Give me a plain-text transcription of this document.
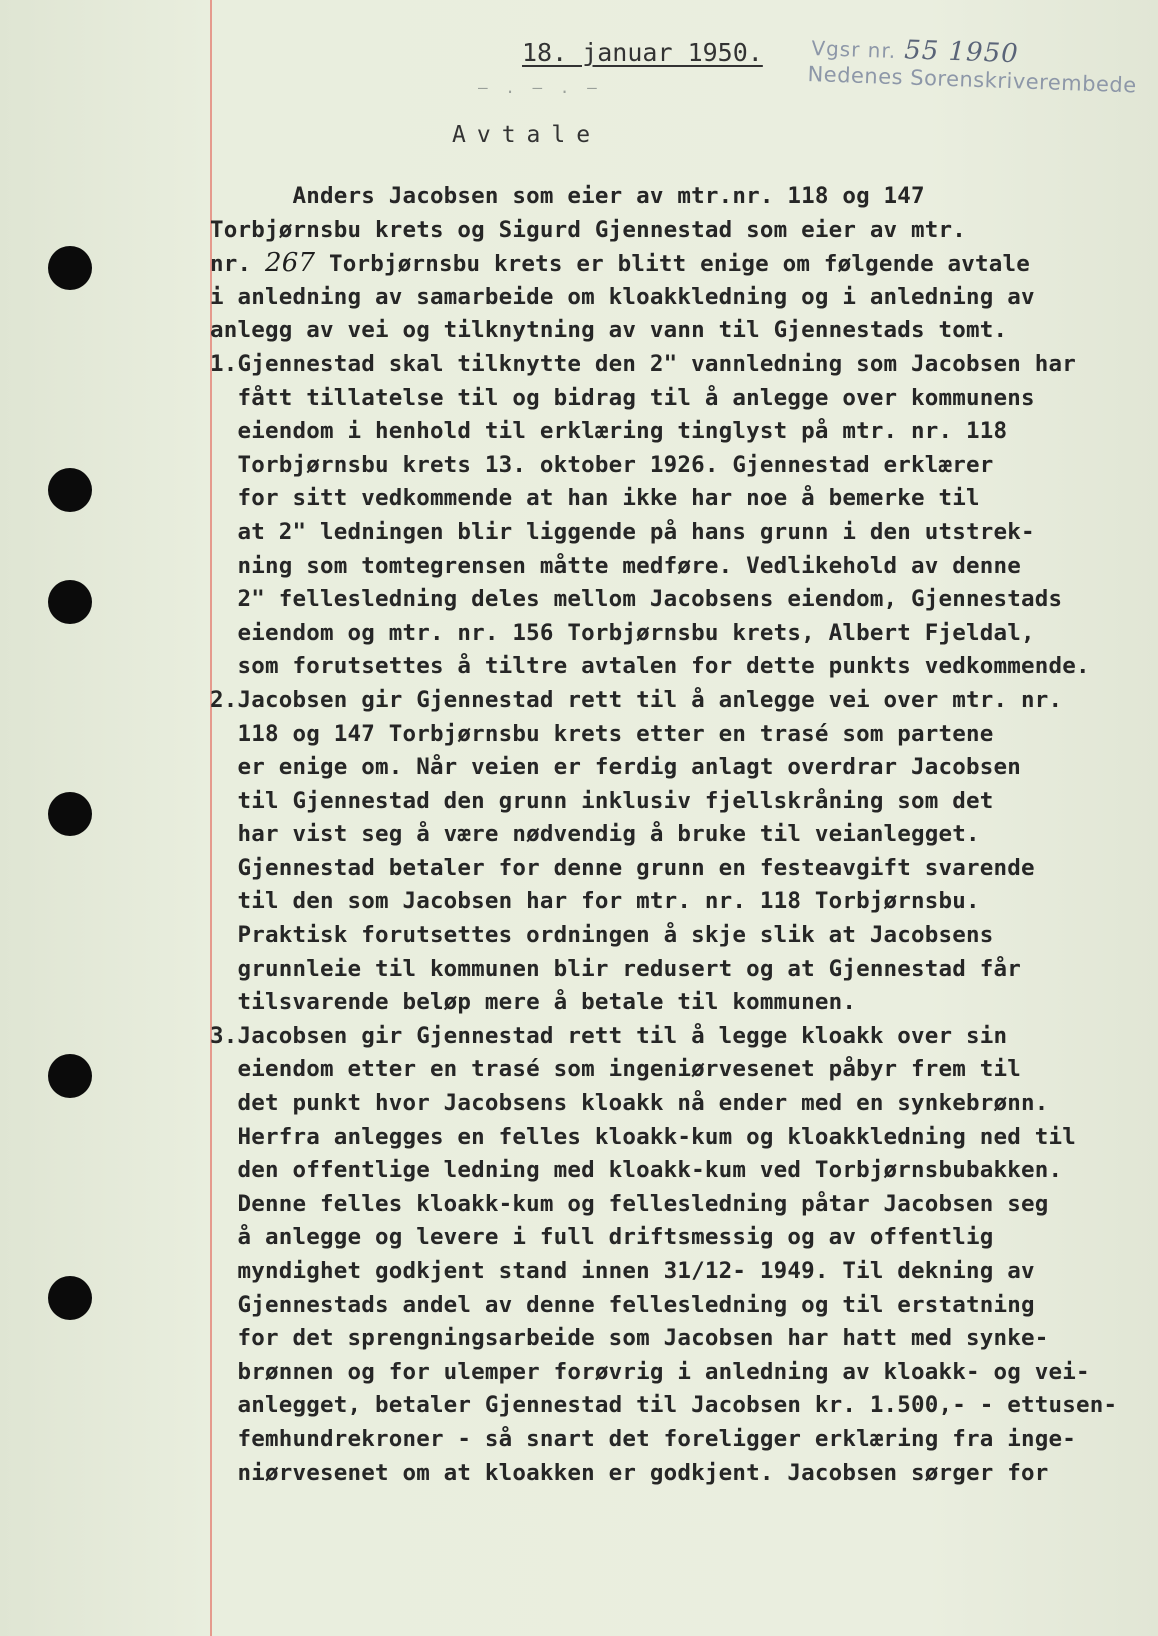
18. januar 1950. Vgsr nr. 55 1950
Nedenes Sorenskriverembede
— . — . —
Avtale
Anders Jacobsen som eier av mtr.nr. 118 og 147
Torbjørnsbu krets og Sigurd Gjennestad som eier av mtr.
nr. 267 Torbjørnsbu krets er blitt enige om følgende avtale
i anledning av samarbeide om kloakkledning og i anledning av
anlegg av vei og tilknytning av vann til Gjennestads tomt.
1.Gjennestad skal tilknytte den 2" vannledning som Jacobsen har
fått tillatelse til og bidrag til å anlegge over kommunens
eiendom i henhold til erklæring tinglyst på mtr. nr. 118
Torbjørnsbu krets 13. oktober 1926. Gjennestad erklærer
for sitt vedkommende at han ikke har noe å bemerke til
at 2" ledningen blir liggende på hans grunn i den utstrek-
ning som tomtegrensen måtte medføre. Vedlikehold av denne
2" fellesledning deles mellom Jacobsens eiendom, Gjennestads
eiendom og mtr. nr. 156 Torbjørnsbu krets, Albert Fjeldal,
som forutsettes å tiltre avtalen for dette punkts vedkommende.
2.Jacobsen gir Gjennestad rett til å anlegge vei over mtr. nr.
118 og 147 Torbjørnsbu krets etter en trasé som partene
er enige om. Når veien er ferdig anlagt overdrar Jacobsen
til Gjennestad den grunn inklusiv fjellskråning som det
har vist seg å være nødvendig å bruke til veianlegget.
Gjennestad betaler for denne grunn en festeavgift svarende
til den som Jacobsen har for mtr. nr. 118 Torbjørnsbu.
Praktisk forutsettes ordningen å skje slik at Jacobsens
grunnleie til kommunen blir redusert og at Gjennestad får
tilsvarende beløp mere å betale til kommunen.
3.Jacobsen gir Gjennestad rett til å legge kloakk over sin
eiendom etter en trasé som ingeniørvesenet påbyr frem til
det punkt hvor Jacobsens kloakk nå ender med en synkebrønn.
Herfra anlegges en felles kloakk-kum og kloakkledning ned til
den offentlige ledning med kloakk-kum ved Torbjørnsbubakken.
Denne felles kloakk-kum og fellesledning påtar Jacobsen seg
å anlegge og levere i full driftsmessig og av offentlig
myndighet godkjent stand innen 31/12- 1949. Til dekning av
Gjennestads andel av denne fellesledning og til erstatning
for det sprengningsarbeide som Jacobsen har hatt med synke-
brønnen og for ulemper forøvrig i anledning av kloakk- og vei-
anlegget, betaler Gjennestad til Jacobsen kr. 1.500,- - ettusen-
femhundrekroner - så snart det foreligger erklæring fra inge-
niørvesenet om at kloakken er godkjent. Jacobsen sørger for
